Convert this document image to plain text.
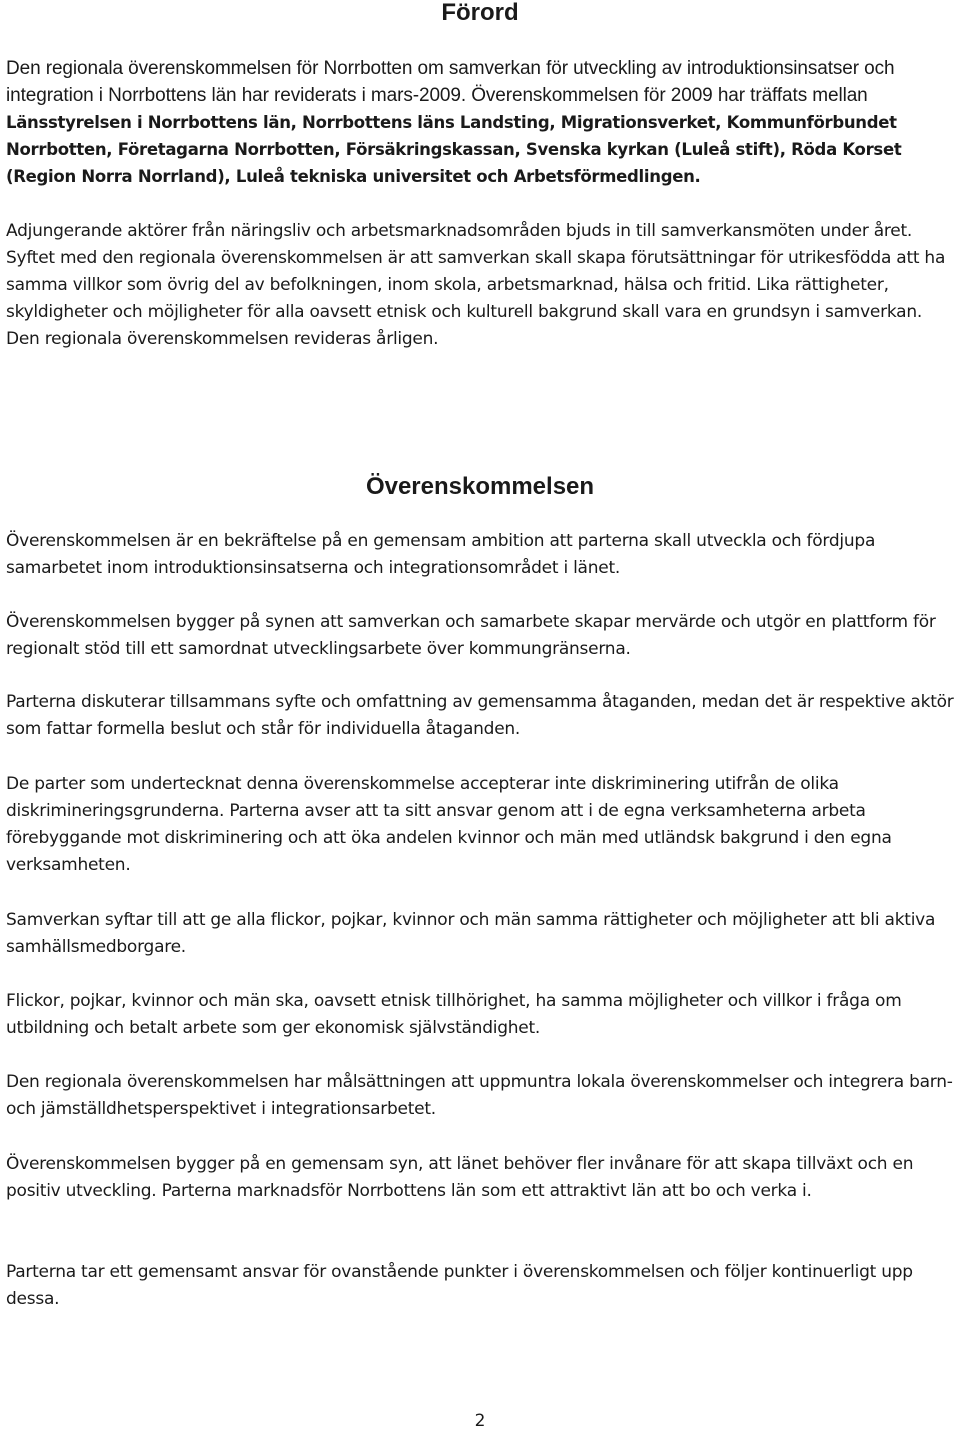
Förord

Den regionala överenskommelsen för Norrbotten om samverkan för utveckling av introduktionsinsatser och integration i Norrbottens län har reviderats i mars-2009. Överenskommelsen för 2009 har träffats mellan Länsstyrelsen i Norrbottens län, Norrbottens läns Landsting, Migrationsverket, Kommunförbundet Norrbotten, Företagarna Norrbotten, Försäkringskassan, Svenska kyrkan (Luleå stift), Röda Korset (Region Norra Norrland), Luleå tekniska universitet och Arbetsförmedlingen.

Adjungerande aktörer från näringsliv och arbetsmarknadsområden bjuds in till samverkansmöten under året. Syftet med den regionala överenskommelsen är att samverkan skall skapa förutsättningar för utrikesfödda att ha samma villkor som övrig del av befolkningen, inom skola, arbetsmarknad, hälsa och fritid. Lika rättigheter, skyldigheter och möjligheter för alla oavsett etnisk och kulturell bakgrund skall vara en grundsyn i samverkan. Den regionala överenskommelsen revideras årligen.

Överenskommelsen

Överenskommelsen är en bekräftelse på en gemensam ambition att parterna skall utveckla och fördjupa samarbetet inom introduktionsinsatserna och integrationsområdet i länet.

Överenskommelsen bygger på synen att samverkan och samarbete skapar mervärde och utgör en plattform för regionalt stöd till ett samordnat utvecklingsarbete över kommungränserna.

Parterna diskuterar tillsammans syfte och omfattning av gemensamma åtaganden, medan det är respektive aktör som fattar formella beslut och står för individuella åtaganden.

De parter som undertecknat denna överenskommelse accepterar inte diskriminering utifrån de olika diskrimineringsgrunderna. Parterna avser att ta sitt ansvar genom att i de egna verksamheterna arbeta förebyggande mot diskriminering och att öka andelen kvinnor och män med utländsk bakgrund i den egna verksamheten.

Samverkan syftar till att ge alla flickor, pojkar, kvinnor och män samma rättigheter och möjligheter att bli aktiva samhällsmedborgare.

Flickor, pojkar, kvinnor och män ska, oavsett etnisk tillhörighet, ha samma möjligheter och villkor i fråga om utbildning och betalt arbete som ger ekonomisk självständighet.

Den regionala överenskommelsen har målsättningen att uppmuntra lokala överenskommelser och integrera barn- och jämställdhetsperspektivet i integrationsarbetet.

Överenskommelsen bygger på en gemensam syn, att länet behöver fler invånare för att skapa tillväxt och en positiv utveckling. Parterna marknadsför Norrbottens län som ett attraktivt län att bo och verka i.

Parterna tar ett gemensamt ansvar för ovanstående punkter i överenskommelsen och följer kontinuerligt upp dessa.

2
